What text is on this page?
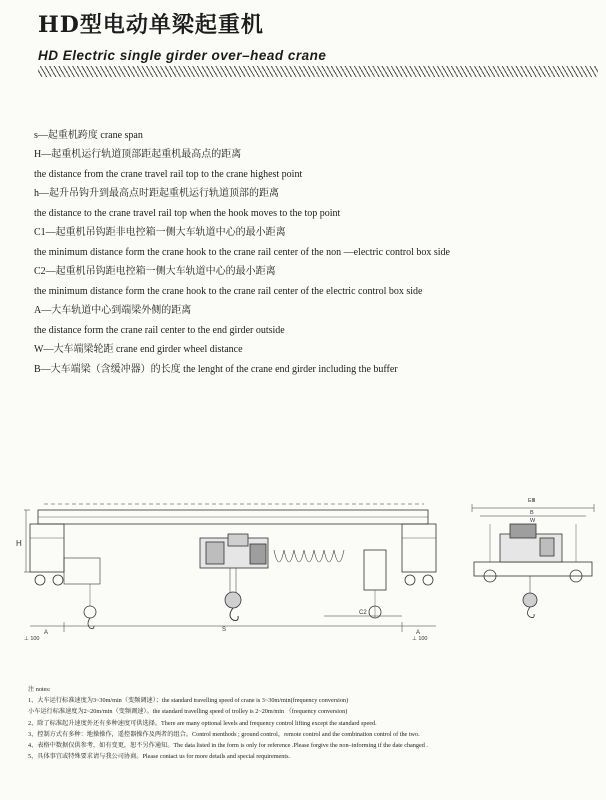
HD型电动单梁起重机
HD Electric single girder over–head crane
s—起重机跨度 crane span
H—起重机运行轨道顶部距起重机最高点的距离
the distance from the crane travel rail top to the crane highest point
h—起升吊钩升到最高点时距起重机运行轨道顶部的距离
the distance to the crane travel rail top when the hook moves to the top point
C1—起重机吊钩距非电控箱一侧大车轨道中心的最小距离
the minimum distance form the crane hook to the crane rail center of the non —electric control box side
C2—起重机吊钩距电控箱一侧大车轨道中心的最小距离
the minimum distance form the crane hook to the crane rail center of the electric control box side
A—大车轨道中心到端梁外侧的距离
the distance form the crane rail center to the end girder outside
W—大车端梁轮距 crane end girder wheel distance
B—大车端梁（含缓冲器）的长度 the lenght of the crane end girder including the buffer
H
S
C2
A	A
⊥ 100	⊥ 100
EⅢ
B
W
注 notes:
1、大车运行标准速度为3~30m/min（变频调速）；the standard travelling speed of crane is 3~30m/min(frequency conversion)
小车运行标准速度为2~20m/min（变频调速）。the standard travelling speed of trolley is 2~20m/min （frequency conversion)
2、除了标准起升速度外还有多种速度可供选择。There are many optional levels and frequency control lifting except the standard speed.
3、控制方式有多种：地操操作，遥控器操作及两者的组合。Control menthods ; ground control，remote control and the combination control of the two.
4、表格中数据仅供参考，如有变更，恕不另作通知。The data listed in the form is only for reference .Please forgive the non–informing if the date changed .
5、具体事宜或特殊要求请与我公司协商。Please contact us for more details and special requirements.
